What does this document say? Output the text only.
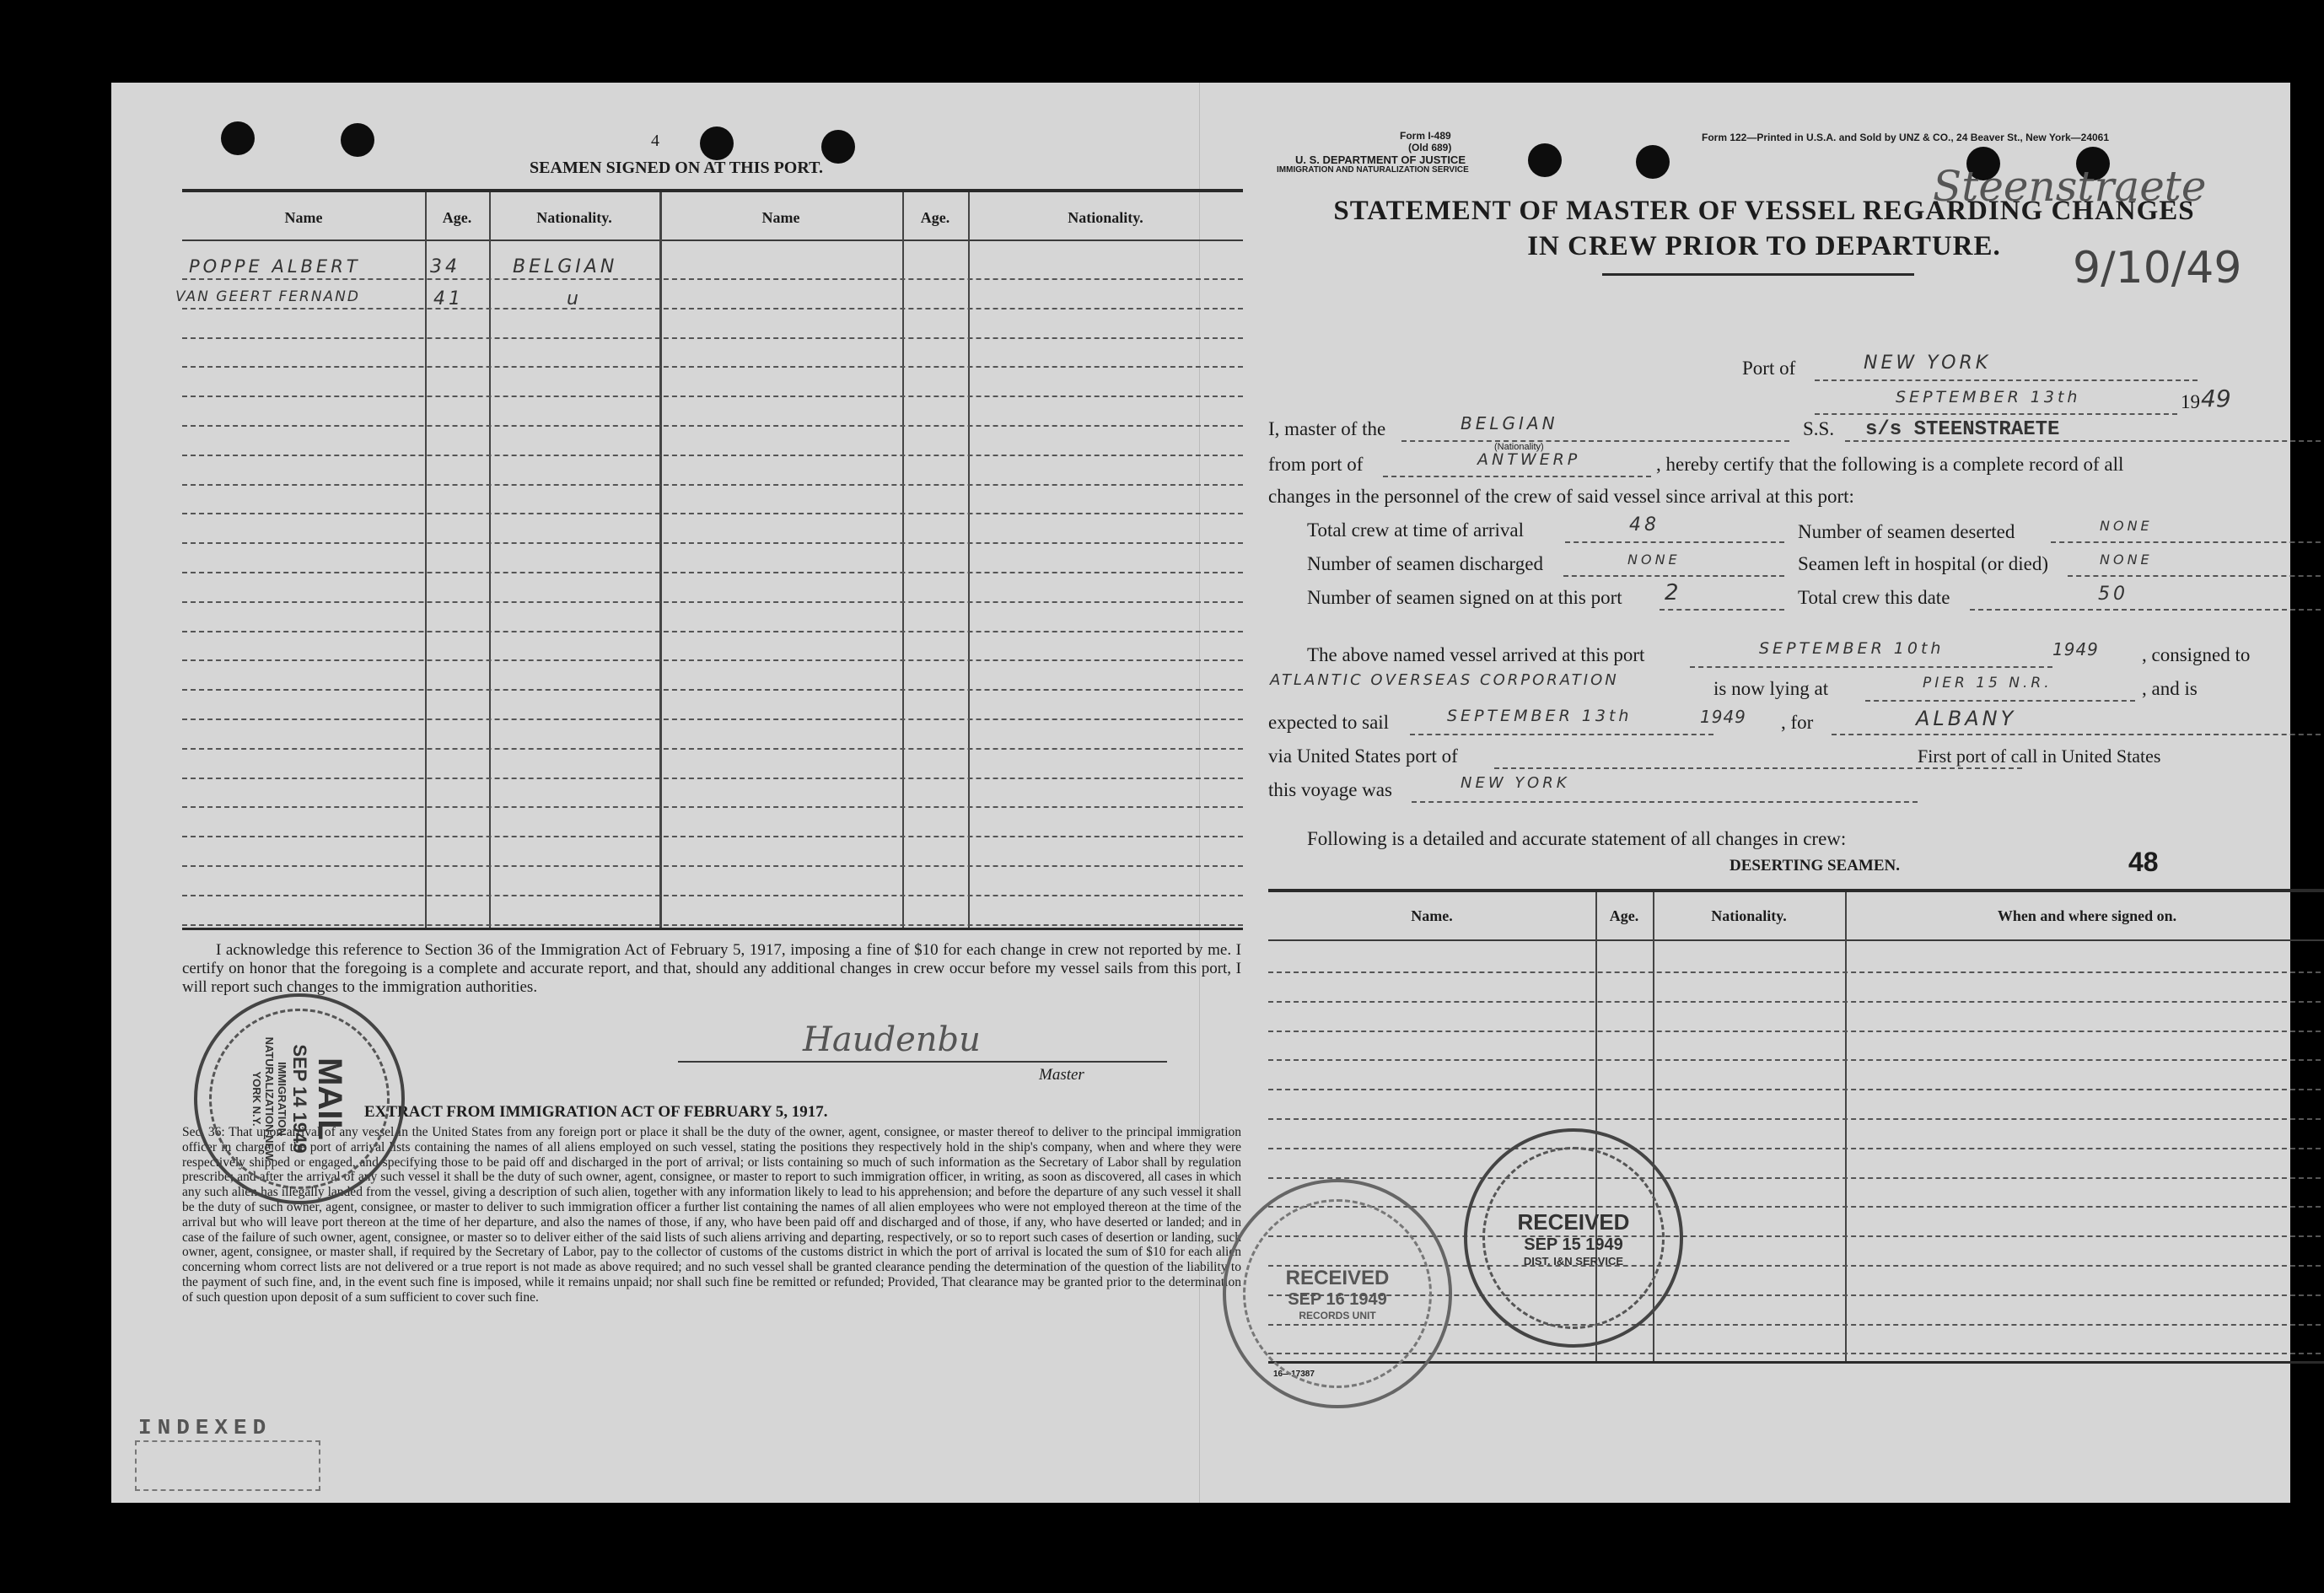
4
SEAMEN SIGNED ON AT THIS PORT.
Name	Age.	Nationality.	Name	Age.	Nationality.
POPPE ALBERT	34	BELGIAN
VAN GEERT FERNAND	41	u
I acknowledge this reference to Section 36 of the Immigration Act of February 5, 1917, imposing a fine of $10 for each change in crew not reported by me. I certify on honor that the foregoing is a complete and accurate report, and that, should any additional changes in crew occur before my vessel sails from this port, I will report such changes to the immigration authorities.
Haudenbu
Master
EXTRACT FROM IMMIGRATION ACT OF FEBRUARY 5, 1917.
Sec. 36: That upon arrival of any vessel in the United States from any foreign port or place it shall be the duty of the owner, agent, consignee, or master thereof to deliver to the principal immigration officer in charge of the port of arrival lists containing the names of all aliens employed on such vessel, stating the positions they respectively hold in the ship's company, when and where they were respectively shipped or engaged, and specifying those to be paid off and discharged in the port of arrival; or lists containing so much of such information as the Secretary of Labor shall by regulation prescribe; and after the arrival of any such vessel it shall be the duty of such owner, agent, consignee, or master to report to such immigration officer, in writing, as soon as discovered, all cases in which any such alien has illegally landed from the vessel, giving a description of such alien, together with any information likely to lead to his apprehension; and before the departure of any such vessel it shall be the duty of such owner, agent, consignee, or master to deliver to such immigration officer a further list containing the names of all alien employees who were not employed thereon at the time of the arrival but who will leave port thereon at the time of her departure, and also the names of those, if any, who have been paid off and discharged and of those, if any, who have deserted or landed; and in case of the failure of such owner, agent, consignee, or master so to deliver either of the said lists of such aliens arriving and departing, respectively, or so to report such cases of desertion or landing, such owner, agent, consignee, or master shall, if required by the Secretary of Labor, pay to the collector of customs of the customs district in which the port of arrival is located the sum of $10 for each alien concerning whom correct lists are not delivered or a true report is not made as above required; and no such vessel shall be granted clearance pending the determination of the question of the liability to the payment of such fine, and, in the event such fine is imposed, while it remains unpaid; nor shall such fine be remitted or refunded; Provided, That clearance may be granted prior to the determination of such question upon deposit of a sum sufficient to cover such fine.
INDEXED
MAIL
SEP 14 1949
IMMIGRATION NATURALIZATION NEW YORK N.Y.
Form I-489
(Old 689)
U. S. DEPARTMENT OF JUSTICE
IMMIGRATION AND NATURALIZATION SERVICE
Form 122—Printed in U.S.A. and Sold by UNZ & CO., 24 Beaver St., New York—24061
Steenstraete
STATEMENT OF MASTER OF VESSEL REGARDING CHANGES
IN CREW PRIOR TO DEPARTURE.	9/10/49
Port of	NEW YORK
SEPTEMBER 13th	19 49
I, master of the	BELGIAN
(Nationality)
S.S. s/s STEENSTRAETE
from port of	ANTWERP	, hereby certify that the following is a complete record of all
changes in the personnel of the crew of said vessel since arrival at this port:
Total crew at time of arrival	48	Number of seamen deserted	NONE
Number of seamen discharged	NONE	Seamen left in hospital (or died)	NONE
Number of seamen signed on at this port 2	Total crew this date	50
The above named vessel arrived at this port	SEPTEMBER 10th	1949 , consigned to
ATLANTIC OVERSEAS CORPORATION	is now lying at	PIER 15 N.R.	, and is
expected to sail	SEPTEMBER 13th	1949 , for	ALBANY
via United States port of	First port of call in United States
this voyage was	NEW YORK
Following is a detailed and accurate statement of all changes in crew:
DESERTING SEAMEN.	48
Name.	Age.	Nationality.	When and where signed on.
16—17387
RECEIVED
SEP 15 1949
DIST. I&N SERVICE
RECEIVED
SEP 16 1949
RECORDS UNIT
